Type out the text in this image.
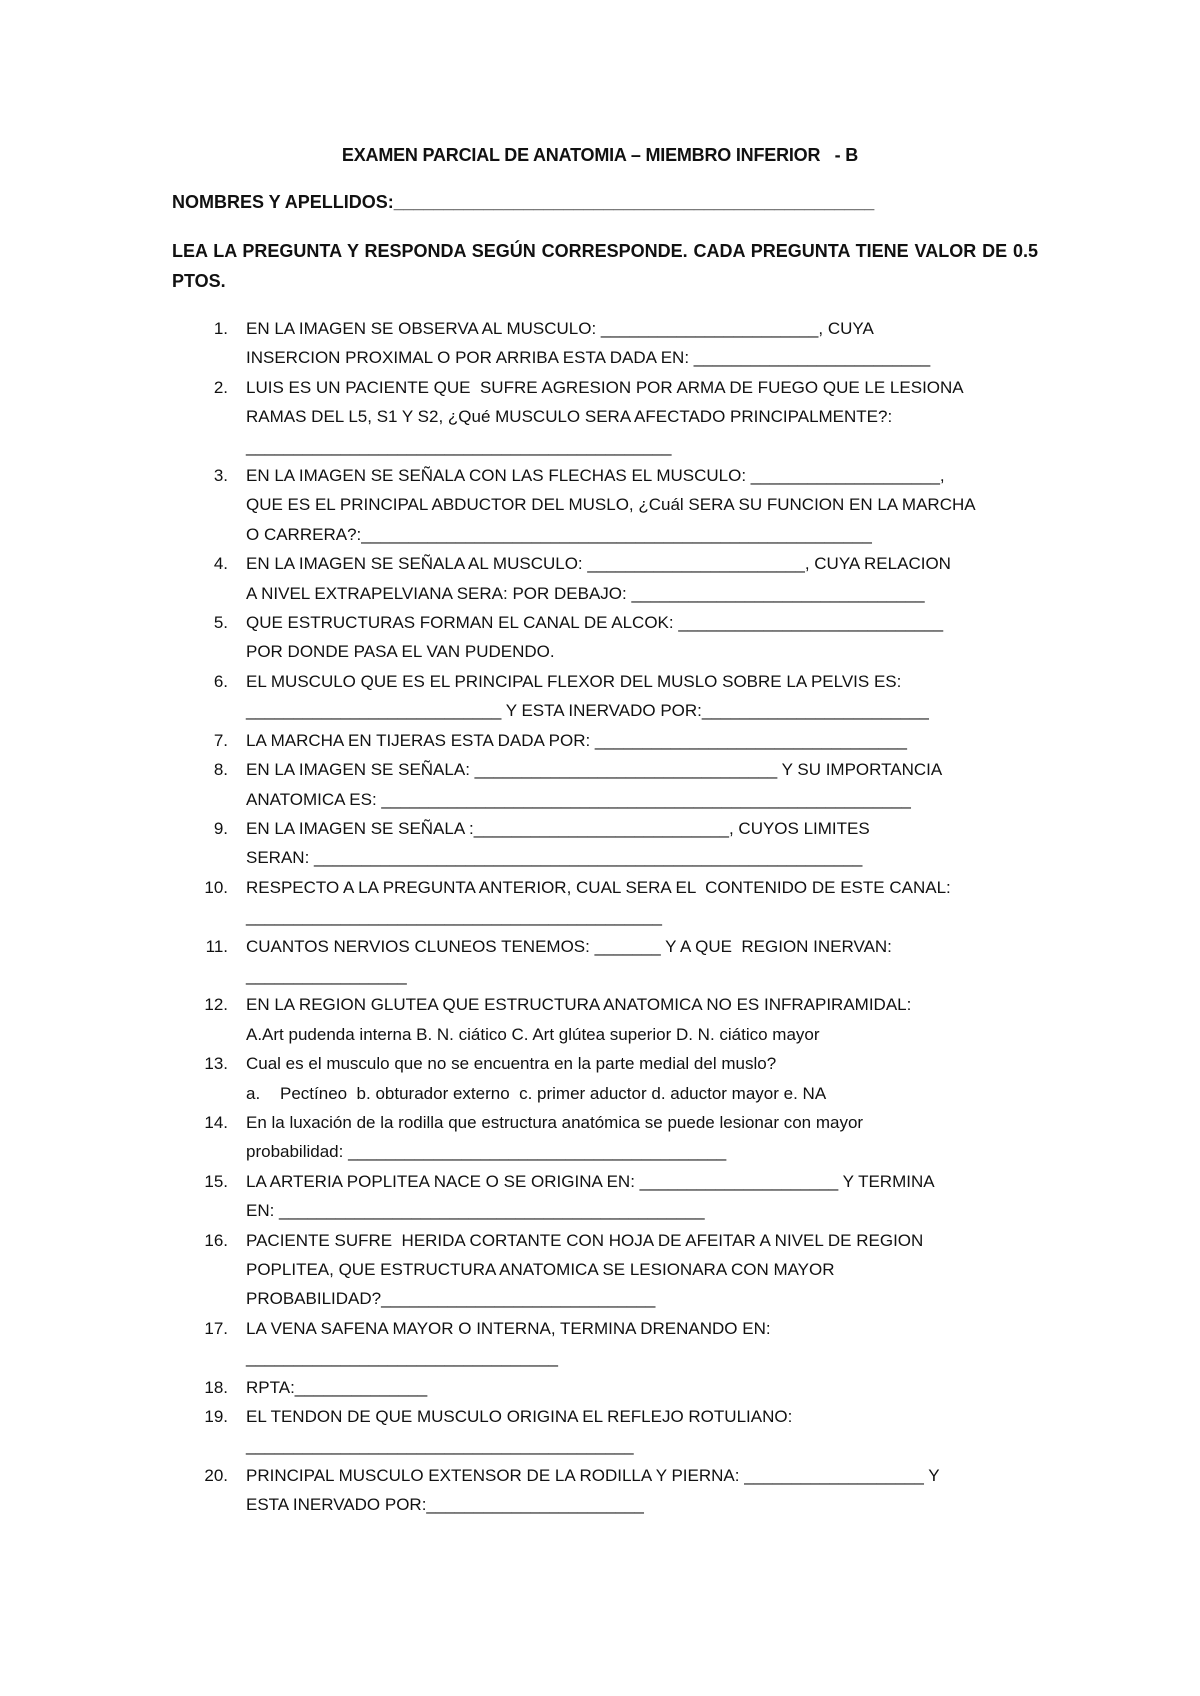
EXAMEN PARCIAL DE ANATOMIA – MIEMBRO INFERIOR   - B
NOMBRES Y APELLIDOS:________________________________________________
LEA LA PREGUNTA Y RESPONDA SEGÚN CORRESPONDE. CADA PREGUNTA TIENE VALOR DE 0.5 PTOS.
1. EN LA IMAGEN SE OBSERVA AL MUSCULO: _______________________, CUYA
INSERCION PROXIMAL O POR ARRIBA ESTA DADA EN: _________________________
2. LUIS ES UN PACIENTE QUE  SUFRE AGRESION POR ARMA DE FUEGO QUE LE LESIONA
RAMAS DEL L5, S1 Y S2, ¿Qué MUSCULO SERA AFECTADO PRINCIPALMENTE?:
_____________________________________________
3. EN LA IMAGEN SE SEÑALA CON LAS FLECHAS EL MUSCULO: ____________________,
QUE ES EL PRINCIPAL ABDUCTOR DEL MUSLO, ¿Cuál SERA SU FUNCION EN LA MARCHA
O CARRERA?:______________________________________________________
4. EN LA IMAGEN SE SEÑALA AL MUSCULO: _______________________, CUYA RELACION
A NIVEL EXTRAPELVIANA SERA: POR DEBAJO: _______________________________
5. QUE ESTRUCTURAS FORMAN EL CANAL DE ALCOK: ____________________________
POR DONDE PASA EL VAN PUDENDO.
6. EL MUSCULO QUE ES EL PRINCIPAL FLEXOR DEL MUSLO SOBRE LA PELVIS ES:
___________________________ Y ESTA INERVADO POR:________________________
7. LA MARCHA EN TIJERAS ESTA DADA POR: _________________________________
8. EN LA IMAGEN SE SEÑALA: ________________________________ Y SU IMPORTANCIA
ANATOMICA ES: ________________________________________________________
9. EN LA IMAGEN SE SEÑALA :___________________________, CUYOS LIMITES
SERAN: __________________________________________________________
10. RESPECTO A LA PREGUNTA ANTERIOR, CUAL SERA EL  CONTENIDO DE ESTE CANAL:
____________________________________________
11. CUANTOS NERVIOS CLUNEOS TENEMOS: _______ Y A QUE  REGION INERVAN:
_________________
12. EN LA REGION GLUTEA QUE ESTRUCTURA ANATOMICA NO ES INFRAPIRAMIDAL:
A.Art pudenda interna B. N. ciático C. Art glútea superior D. N. ciático mayor
13. Cual es el musculo que no se encuentra en la parte medial del muslo?
a. Pectíneo  b. obturador externo  c. primer aductor d. aductor mayor e. NA
14. En la luxación de la rodilla que estructura anatómica se puede lesionar con mayor
probabilidad: ________________________________________
15. LA ARTERIA POPLITEA NACE O SE ORIGINA EN: _____________________ Y TERMINA
EN: _____________________________________________
16. PACIENTE SUFRE  HERIDA CORTANTE CON HOJA DE AFEITAR A NIVEL DE REGION
POPLITEA, QUE ESTRUCTURA ANATOMICA SE LESIONARA CON MAYOR
PROBABILIDAD?_____________________________
17. LA VENA SAFENA MAYOR O INTERNA, TERMINA DRENANDO EN:
_________________________________
18. RPTA:______________
19. EL TENDON DE QUE MUSCULO ORIGINA EL REFLEJO ROTULIANO:
_________________________________________
20. PRINCIPAL MUSCULO EXTENSOR DE LA RODILLA Y PIERNA: ___________________ Y
ESTA INERVADO POR:_______________________
